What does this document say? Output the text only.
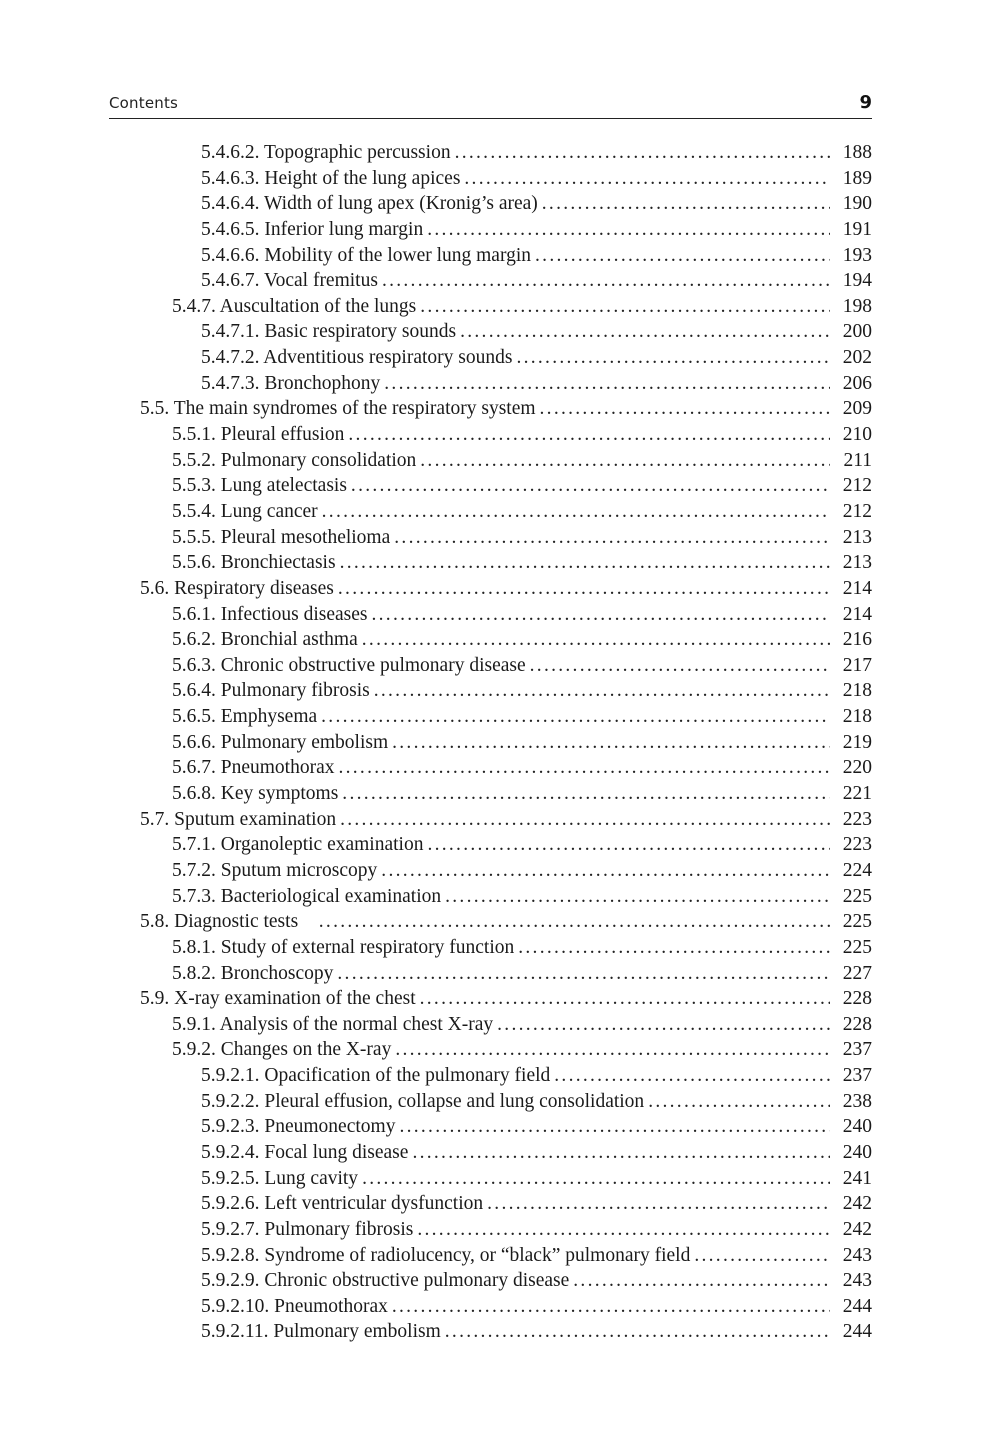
Contents	9
5.4.6.2. Topographic percussion . . .	188
5.4.6.3. Height of the lung apices . . .	189
5.4.6.4. Width of lung apex (Kronig’s area) . . .	190
5.4.6.5. Inferior lung margin . . .	191
5.4.6.6. Mobility of the lower lung margin . . .	193
5.4.6.7. Vocal fremitus . . .	194
5.4.7. Auscultation of the lungs . . .	198
5.4.7.1. Basic respiratory sounds . . .	200
5.4.7.2. Adventitious respiratory sounds . . .	202
5.4.7.3. Bronchophony . . .	206
5.5. The main syndromes of the respiratory system . . .	209
5.5.1. Pleural effusion . . .	210
5.5.2. Pulmonary consolidation . . .	211
5.5.3. Lung atelectasis . . .	212
5.5.4. Lung cancer . . .	212
5.5.5. Pleural mesothelioma . . .	213
5.5.6. Bronchiectasis . . .	213
5.6. Respiratory diseases . . .	214
5.6.1. Infectious diseases . . .	214
5.6.2. Bronchial asthma . . .	216
5.6.3. Chronic obstructive pulmonary disease . . .	217
5.6.4. Pulmonary fibrosis . . .	218
5.6.5. Emphysema . . .	218
5.6.6. Pulmonary embolism . . .	219
5.6.7. Pneumothorax . . .	220
5.6.8. Key symptoms . . .	221
5.7. Sputum examination . . .	223
5.7.1. Organoleptic examination . . .	223
5.7.2. Sputum microscopy . . .	224
5.7.3. Bacteriological examination . . .	225
5.8. Diagnostic tests . . .	225
5.8.1. Study of external respiratory function . . .	225
5.8.2. Bronchoscopy . . .	227
5.9. X-ray examination of the chest . . .	228
5.9.1. Analysis of the normal chest X-ray . . .	228
5.9.2. Changes on the X-ray . . .	237
5.9.2.1. Opacification of the pulmonary field . . .	237
5.9.2.2. Pleural effusion, collapse and lung consolidation . . .	238
5.9.2.3. Pneumonectomy . . .	240
5.9.2.4. Focal lung disease . . .	240
5.9.2.5. Lung cavity . . .	241
5.9.2.6. Left ventricular dysfunction . . .	242
5.9.2.7. Pulmonary fibrosis . . .	242
5.9.2.8. Syndrome of radiolucency, or “black” pulmonary field . . .	243
5.9.2.9. Chronic obstructive pulmonary disease . . .	243
5.9.2.10. Pneumothorax . . .	244
5.9.2.11. Pulmonary embolism . . .	244
